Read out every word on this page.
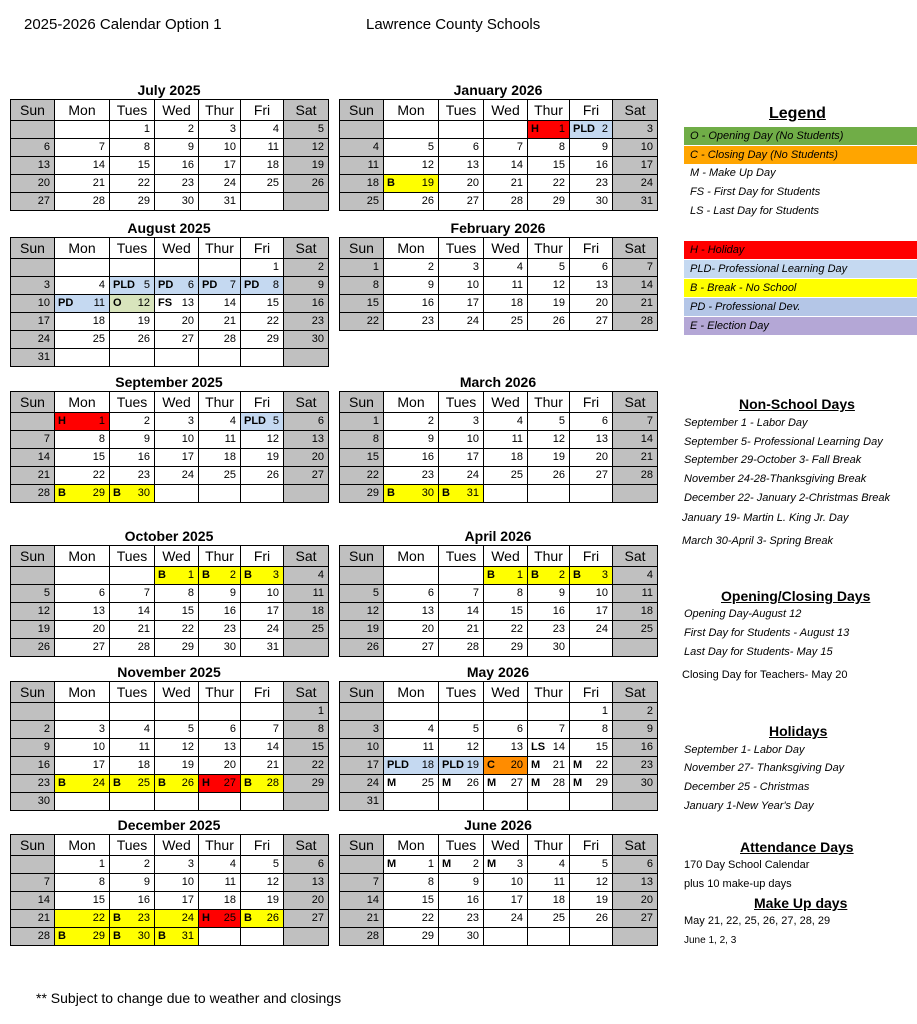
2025-2026 Calendar Option 1	Lawrence County Schools
July 2025
Sun	Mon	Tues	Wed	Thur	Fri	Sat
		1	2	3	4	5
6	7	8	9	10	11	12
13	14	15	16	17	18	19
20	21	22	23	24	25	26
27	28	29	30	31		
August 2025
Sun	Mon	Tues	Wed	Thur	Fri	Sat
					1	2
3	4	PLD 5	PD 6	PD 7	PD 8	9
10	PD 11	O 12	FS 13	14	15	16
17	18	19	20	21	22	23
24	25	26	27	28	29	30
31						
September 2025
Sun	Mon	Tues	Wed	Thur	Fri	Sat

	H 1	2	3	4	PLD 5	6
7	8	9	10	11	12	13
14	15	16	17	18	19	20
21	22	23	24	25	26	27
28	B 29	B 30				
October 2025
Sun	Mon	Tues	Wed	Thur	Fri	Sat

			B 1	B 2	B 3	4
5	6	7	8	9	10	11
12	13	14	15	16	17	18
19	20	21	22	23	24	25
26	27	28	29	30	31	
November 2025
Sun	Mon	Tues	Wed	Thur	Fri	Sat
						1
2	3	4	5	6	7	8
9	10	11	12	13	14	15
16	17	18	19	20	21	22
23	B 24	B 25	B 26	H 27	B 28	29
30						
December 2025
Sun	Mon	Tues	Wed	Thur	Fri	Sat
	1	2	3	4	5	6
7	8	9	10	11	12	13
14	15	16	17	18	19	20
21	22	B 23	24	H 25	B 26	27
28	B 29	B 30	B 31			
January 2026
Sun	Mon	Tues	Wed	Thur	Fri	Sat

				H 1	PLD 2	3
4	5	6	7	8	9	10
11	12	13	14	15	16	17
18	B 19	20	21	22	23	24
25	26	27	28	29	30	31
February 2026
Sun	Mon	Tues	Wed	Thur	Fri	Sat
1	2	3	4	5	6	7
8	9	10	11	12	13	14
15	16	17	18	19	20	21
22	23	24	25	26	27	28
March 2026
Sun	Mon	Tues	Wed	Thur	Fri	Sat
1	2	3	4	5	6	7
8	9	10	11	12	13	14
15	16	17	18	19	20	21
22	23	24	25	26	27	28
29	B 30	B 31				
April 2026
Sun	Mon	Tues	Wed	Thur	Fri	Sat

			B 1	B 2	B 3	4
5	6	7	8	9	10	11
12	13	14	15	16	17	18
19	20	21	22	23	24	25
26	27	28	29	30		
May 2026
Sun	Mon	Tues	Wed	Thur	Fri	Sat
					1	2
3	4	5	6	7	8	9
10	11	12	13	LS 14	15	16
17	PLD 18	PLD 19	C 20	M 21	M 22	23
24	M 25	M 26	M 27	M 28	M 29	30
31						
June 2026
Sun	Mon	Tues	Wed	Thur	Fri	Sat

	M 1	M 2	M 3	4	5	6
7	8	9	10	11	12	13
14	15	16	17	18	19	20
21	22	23	24	25	26	27
28	29	30				
Legend
O - Opening Day (No Students)
C - Closing Day (No Students)
M - Make Up Day
FS - First Day for Students
LS - Last Day for Students
H - Holiday
PLD- Professional Learning Day
B - Break - No School
PD - Professional Dev.
E - Election Day
Non-School Days
September 1 - Labor Day
September 5- Professional Learning Day
September 29-October 3- Fall Break
November 24-28-Thanksgiving Break
December 22- January 2-Christmas Break
January 19- Martin L. King Jr. Day
March 30-April 3- Spring Break
Opening/Closing Days
Opening Day-August 12
First Day for Students - August 13
Last Day for Students- May 15
Closing Day for Teachers- May 20
Holidays
September 1- Labor Day
November 27- Thanksgiving Day
December 25 - Christmas
January 1-New Year's Day
Attendance Days
170 Day School Calendar
plus 10 make-up days
Make Up days
May 21, 22, 25, 26, 27, 28, 29
June 1, 2, 3
** Subject to change due to weather and closings
